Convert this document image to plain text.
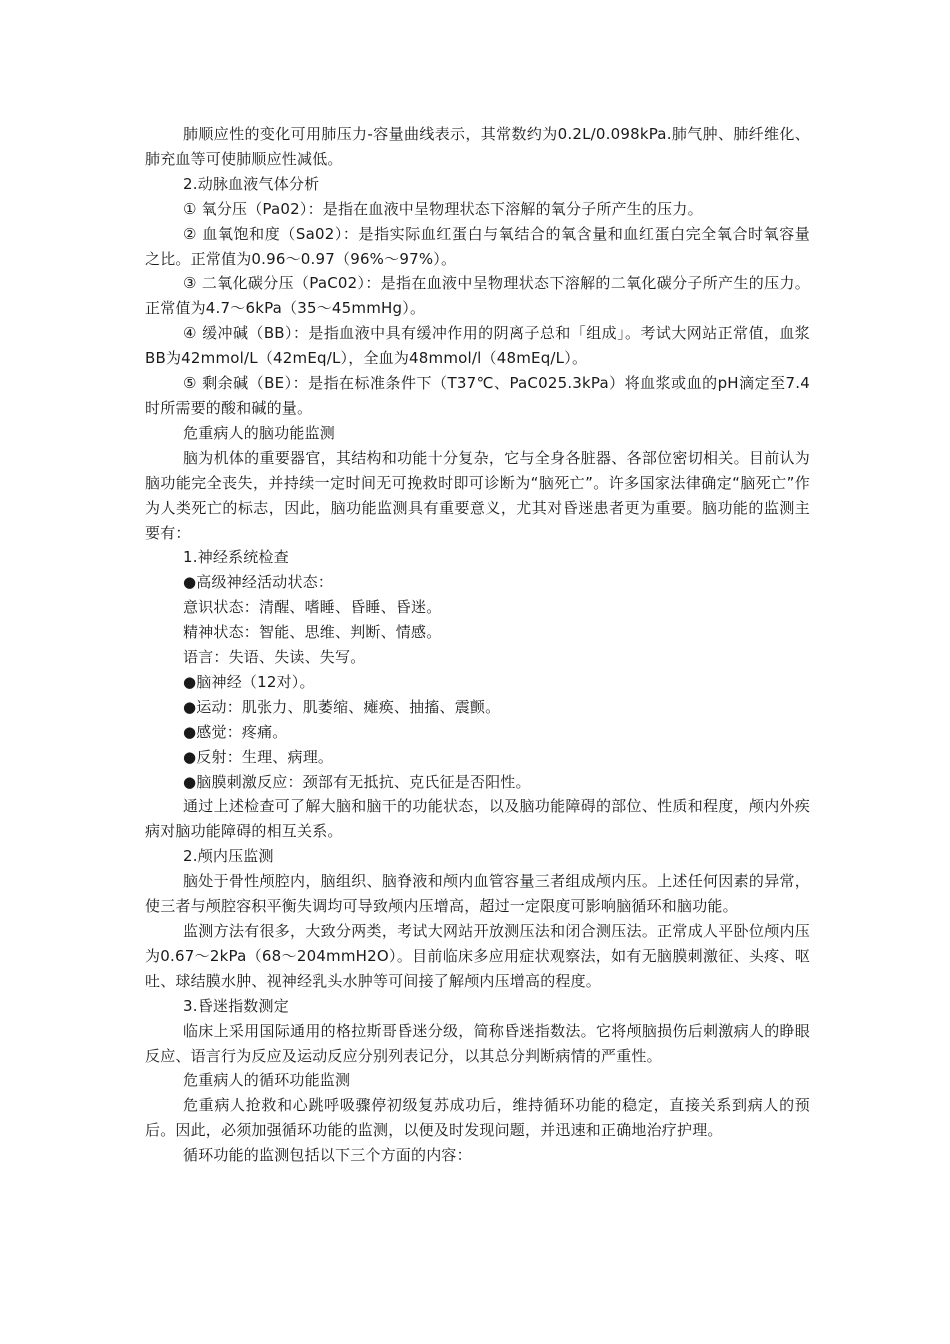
肺顺应性的变化可用肺压力-容量曲线表示，其常数约为0.2L/0.098kPa.肺气肿、肺纤维化、肺充血等可使肺顺应性减低。

2.动脉血液气体分析

① 氧分压（Pa02）：是指在血液中呈物理状态下溶解的氧分子所产生的压力。

② 血氧饱和度（Sa02）：是指实际血红蛋白与氧结合的氧含量和血红蛋白完全氧合时氧容量之比。正常值为0.96～0.97（96%～97%）。

③ 二氧化碳分压（PaC02）：是指在血液中呈物理状态下溶解的二氧化碳分子所产生的压力。正常值为4.7～6kPa（35～45mmHg）。

④ 缓冲碱（BB）：是指血液中具有缓冲作用的阴离子总和「组成」。考试大网站正常值，血浆BB为42mmol/L（42mEq/L），全血为48mmol/l（48mEq/L）。

⑤ 剩余碱（BE）：是指在标准条件下（T37℃、PaC025.3kPa）将血浆或血的pH滴定至7.4时所需要的酸和碱的量。

危重病人的脑功能监测

脑为机体的重要器官，其结构和功能十分复杂，它与全身各脏器、各部位密切相关。目前认为脑功能完全丧失，并持续一定时间无可挽救时即可诊断为“脑死亡”。许多国家法律确定“脑死亡”作为人类死亡的标志，因此，脑功能监测具有重要意义，尤其对昏迷患者更为重要。脑功能的监测主要有：

1.神经系统检查

●高级神经活动状态：

意识状态：清醒、嗜睡、昏睡、昏迷。

精神状态：智能、思维、判断、情感。

语言：失语、失读、失写。

●脑神经（12对）。

●运动：肌张力、肌萎缩、瘫痪、抽搐、震颤。

●感觉：疼痛。

●反射：生理、病理。

●脑膜刺激反应：颈部有无抵抗、克氏征是否阳性。

通过上述检查可了解大脑和脑干的功能状态，以及脑功能障碍的部位、性质和程度，颅内外疾病对脑功能障碍的相互关系。

2.颅内压监测

脑处于骨性颅腔内，脑组织、脑脊液和颅内血管容量三者组成颅内压。上述任何因素的异常，使三者与颅腔容积平衡失调均可导致颅内压增高，超过一定限度可影响脑循环和脑功能。

监测方法有很多，大致分两类，考试大网站开放测压法和闭合测压法。正常成人平卧位颅内压为0.67～2kPa（68～204mmH2O）。目前临床多应用症状观察法，如有无脑膜刺激征、头疼、呕吐、球结膜水肿、视神经乳头水肿等可间接了解颅内压增高的程度。

3.昏迷指数测定

临床上采用国际通用的格拉斯哥昏迷分级，简称昏迷指数法。它将颅脑损伤后刺激病人的睁眼反应、语言行为反应及运动反应分别列表记分，以其总分判断病情的严重性。

危重病人的循环功能监测

危重病人抢救和心跳呼吸骤停初级复苏成功后，维持循环功能的稳定，直接关系到病人的预后。因此，必须加强循环功能的监测，以便及时发现问题，并迅速和正确地治疗护理。

循环功能的监测包括以下三个方面的内容：
